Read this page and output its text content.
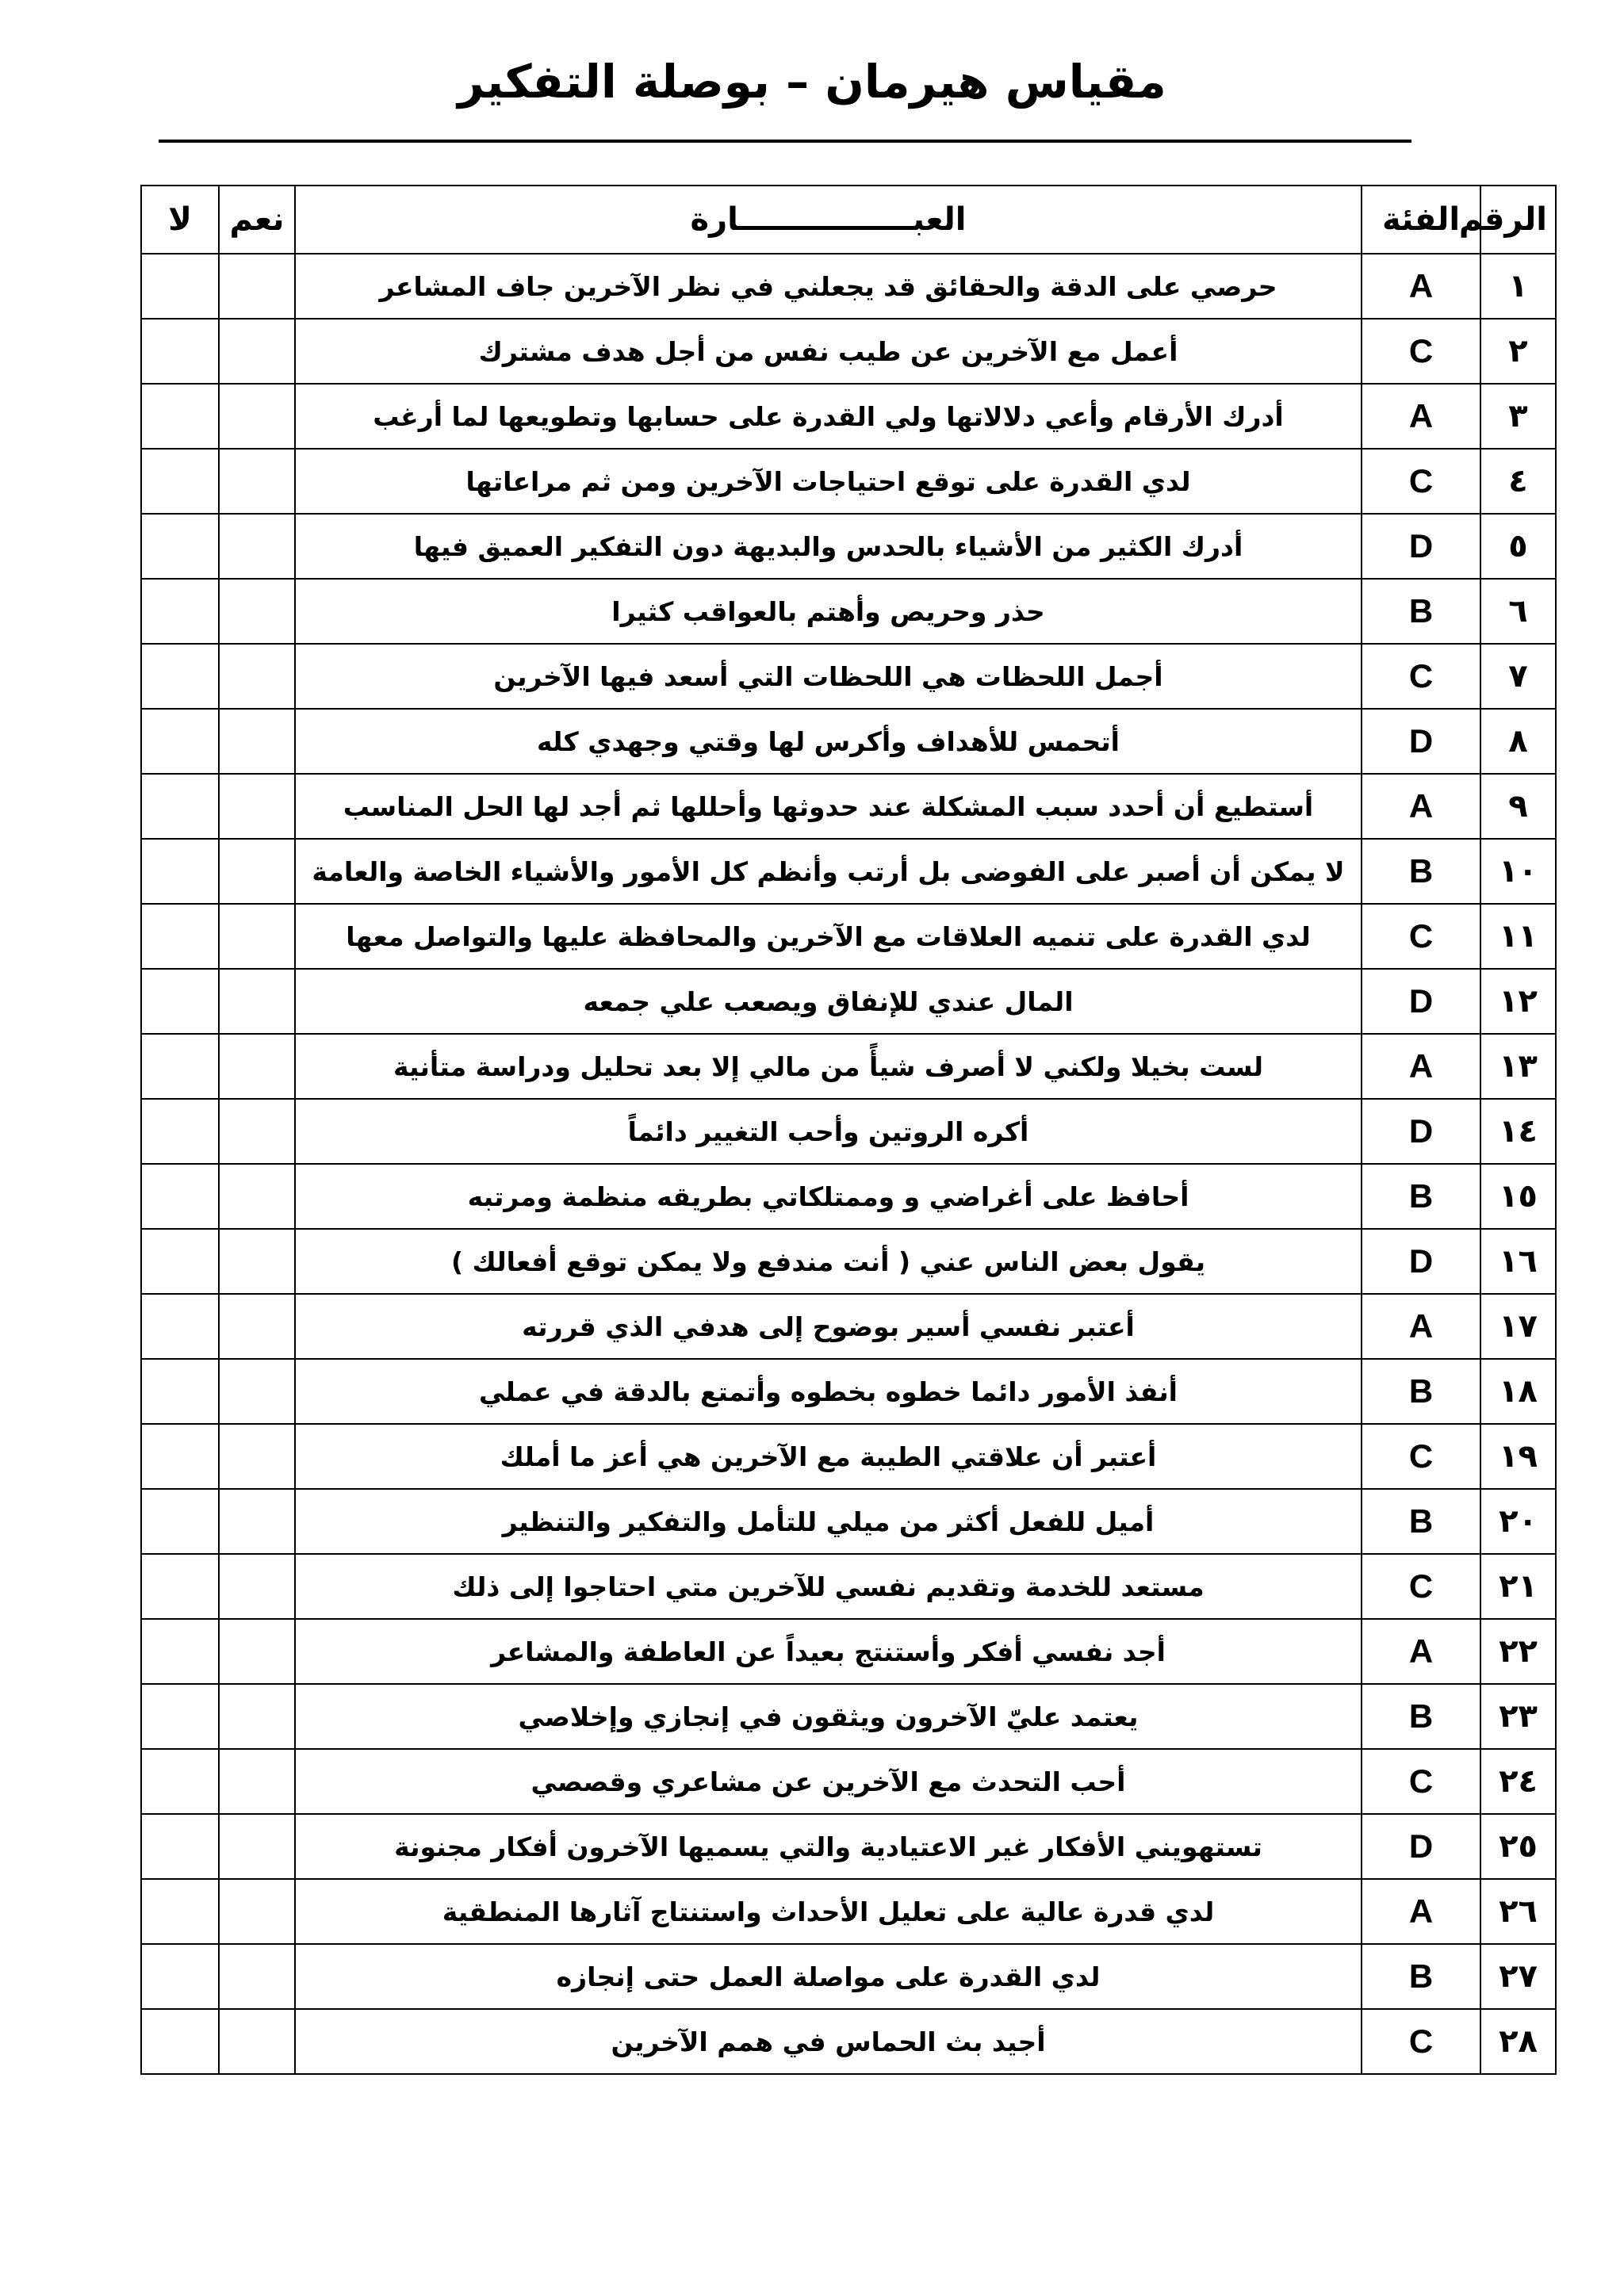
مقياس هيرمان – بوصلة التفكير
الرقم	الفئة	العبــــــــــــــــارة	نعم	لا
١	A	حرصي على الدقة والحقائق قد يجعلني في نظر الآخرين جاف المشاعر		
٢	C	أعمل مع الآخرين عن طيب نفس من أجل هدف مشترك		
٣	A	أدرك الأرقام وأعي دلالاتها ولي القدرة على حسابها وتطويعها لما أرغب		
٤	C	لدي القدرة على توقع احتياجات الآخرين ومن ثم مراعاتها		
٥	D	أدرك الكثير من الأشياء بالحدس والبديهة دون التفكير العميق فيها		
٦	B	حذر وحريص وأهتم بالعواقب كثيرا		
٧	C	أجمل اللحظات هي اللحظات التي أسعد فيها الآخرين		
٨	D	أتحمس للأهداف وأكرس لها وقتي وجهدي كله		
٩	A	أستطيع أن أحدد سبب المشكلة عند حدوثها وأحللها ثم أجد لها الحل المناسب		
١٠	B	لا يمكن أن أصبر على الفوضى بل أرتب وأنظم كل الأمور والأشياء الخاصة والعامة		
١١	C	لدي القدرة على تنميه العلاقات مع الآخرين والمحافظة عليها والتواصل معها		
١٢	D	المال عندي للإنفاق ويصعب علي جمعه		
١٣	A	لست بخيلا ولكني لا أصرف شيأً من مالي إلا بعد تحليل ودراسة متأنية		
١٤	D	أكره الروتين وأحب التغيير دائماً		
١٥	B	أحافظ على أغراضي و وممتلكاتي بطريقه منظمة ومرتبه		
١٦	D	يقول بعض الناس عني ( أنت مندفع ولا يمكن توقع أفعالك )		
١٧	A	أعتبر نفسي أسير بوضوح إلى هدفي الذي قررته		
١٨	B	أنفذ الأمور دائما خطوه بخطوه وأتمتع بالدقة في عملي		
١٩	C	أعتبر أن علاقتي الطيبة مع الآخرين هي أعز ما أملك		
٢٠	B	أميل للفعل أكثر من ميلي للتأمل والتفكير والتنظير		
٢١	C	مستعد للخدمة وتقديم نفسي للآخرين متي احتاجوا إلى ذلك		
٢٢	A	أجد نفسي أفكر وأستنتج بعيداً عن العاطفة والمشاعر		
٢٣	B	يعتمد عليّ الآخرون ويثقون في إنجازي وإخلاصي		
٢٤	C	أحب التحدث مع الآخرين عن مشاعري وقصصي		
٢٥	D	تستهويني الأفكار غير الاعتيادية والتي يسميها الآخرون أفكار مجنونة		
٢٦	A	لدي قدرة عالية على تعليل الأحداث واستنتاج آثارها المنطقية		
٢٧	B	لدي القدرة على مواصلة العمل حتى إنجازه		
٢٨	C	أجيد بث الحماس في همم الآخرين		
